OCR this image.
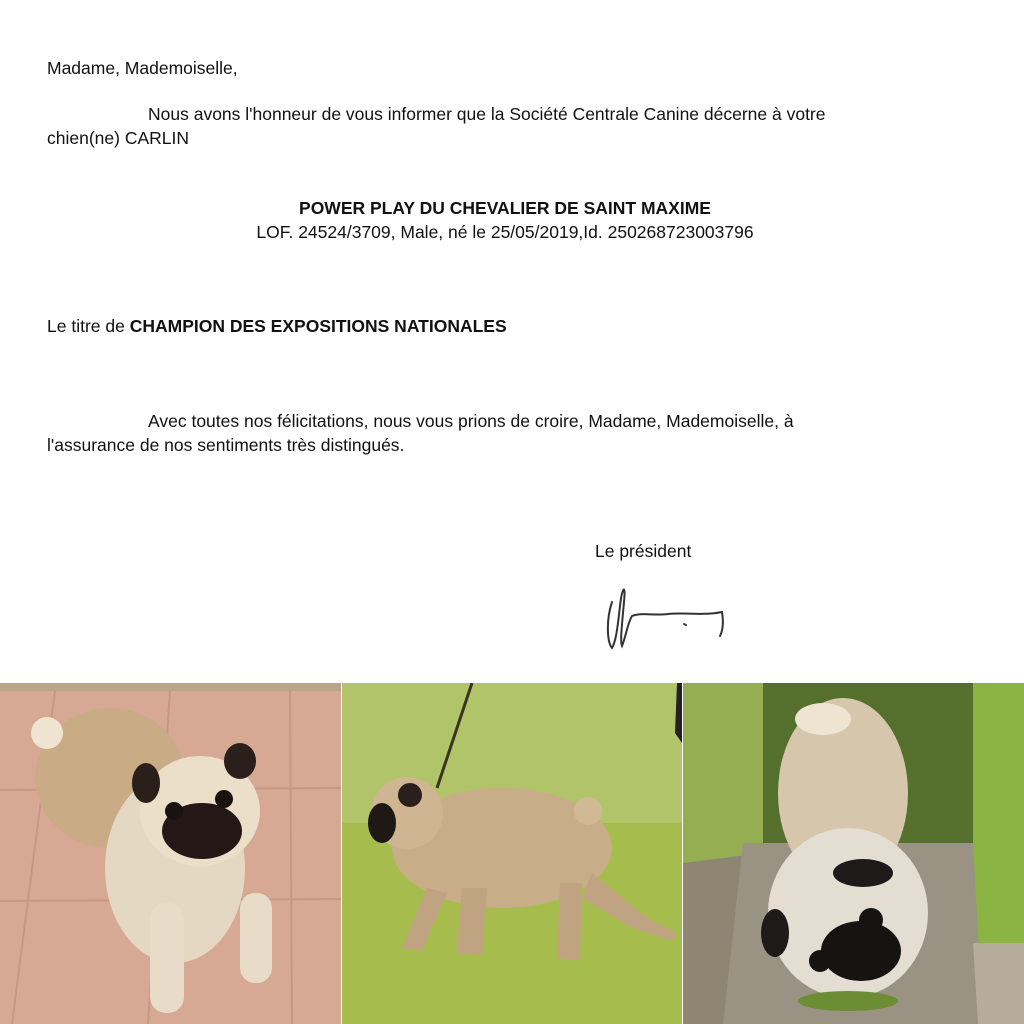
Madame, Mademoiselle,
Nous avons l'honneur de vous informer que la Société Centrale Canine décerne à votre
chien(ne) CARLIN
POWER PLAY DU CHEVALIER DE SAINT MAXIME
LOF. 24524/3709, Male, né le 25/05/2019,Id. 250268723003796
Le titre de CHAMPION DES EXPOSITIONS NATIONALES
Avec toutes nos félicitations, nous vous prions de croire, Madame, Mademoiselle, à
l'assurance de nos sentiments très distingués.
Le président
